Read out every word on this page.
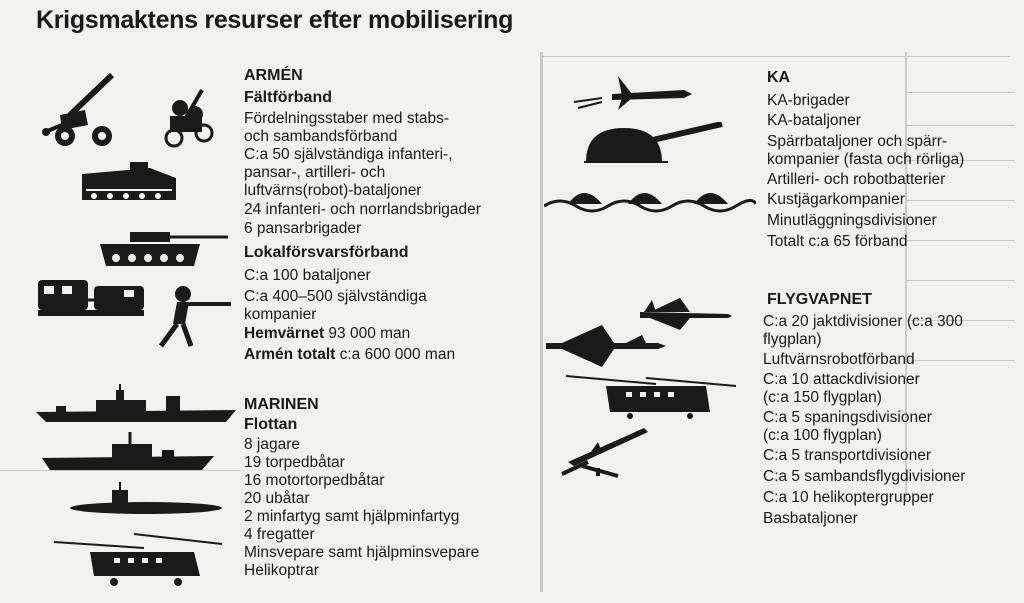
Krigsmaktens resurser efter mobilisering
ARMÉN
Fältförband
Fördelningsstaber med stabs-
och sambandsförband
C:a 50 självständiga infanteri-,
pansar-, artilleri- och
luftvärns(robot)-bataljoner
24 infanteri- och norrlandsbrigader
6 pansarbrigader
Lokalförsvarsförband
C:a 100 bataljoner
C:a 400–500 självständiga
kompanier
Hemvärnet 93 000 man
Armén totalt c:a 600 000 man
MARINEN
Flottan
8 jagare
19 torpedbåtar
16 motortorpedbåtar
20 ubåtar
2 minfartyg samt hjälpminfartyg
4 fregatter
Minsvepare samt hjälpminsvepare
Helikoptrar
KA
KA-brigader
KA-bataljoner
Spärrbataljoner och spärr-
kompanier (fasta och rörliga)
Artilleri- och robotbatterier
Kustjägarkompanier
Minutläggningsdivisioner
Totalt c:a 65 förband
FLYGVAPNET
C:a 20 jaktdivisioner (c:a 300
flygplan)
Luftvärnsrobotförband
C:a 10 attackdivisioner
(c:a 150 flygplan)
C:a 5 spaningsdivisioner
(c:a 100 flygplan)
C:a 5 transportdivisioner
C:a 5 sambandsflygdivisioner
C:a 10 helikoptergrupper
Basbataljoner
